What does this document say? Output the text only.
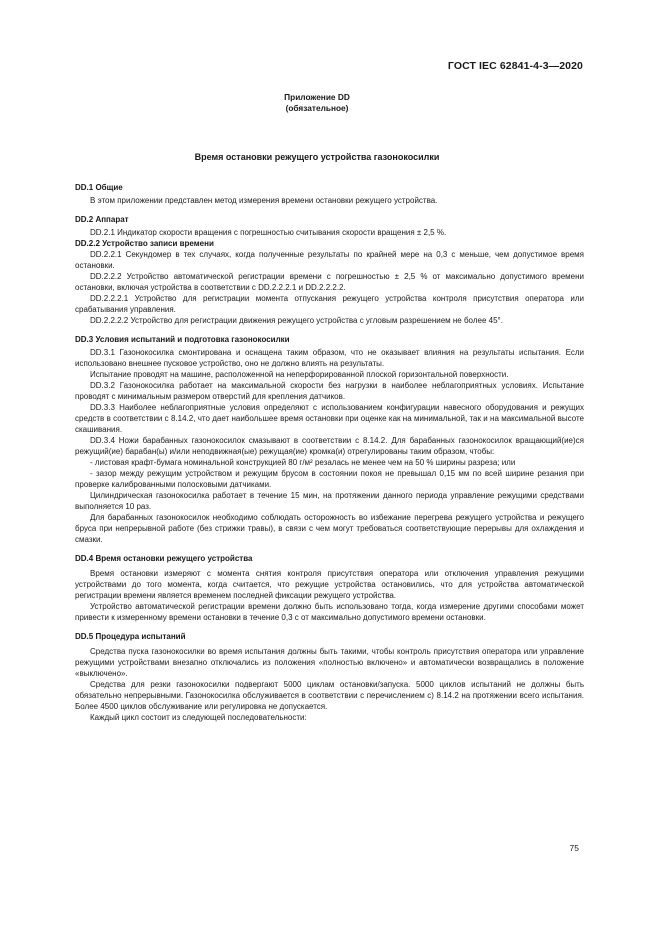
ГОСТ IEC 62841-4-3—2020
Приложение DD
(обязательное)
Время остановки режущего устройства газонокосилки
DD.1 Общие

В этом приложении представлен метод измерения времени остановки режущего устройства.

DD.2 Аппарат

DD.2.1 Индикатор скорости вращения с погрешностью считывания скорости вращения ± 2,5 %.

DD.2.2 Устройство записи времени

DD.2.2.1 Секундомер в тех случаях, когда полученные результаты по крайней мере на 0,3 с меньше, чем допустимое время остановки.

DD.2.2.2 Устройство автоматической регистрации времени с погрешностью ± 2,5 % от максимально допустимого времени остановки, включая устройства в соответствии с DD.2.2.2.1 и DD.2.2.2.2.

DD.2.2.2.1 Устройство для регистрации момента отпускания режущего устройства контроля присутствия оператора или срабатывания управления.

DD.2.2.2.2 Устройство для регистрации движения режущего устройства с угловым разрешением не более 45°.

DD.3 Условия испытаний и подготовка газонокосилки

DD.3.1 Газонокосилка смонтирована и оснащена таким образом, что не оказывает влияния на результаты испытания. Если использовано внешнее пусковое устройство, оно не должно влиять на результаты.

Испытание проводят на машине, расположенной на неперфорированной плоской горизонтальной поверхности.

DD.3.2 Газонокосилка работает на максимальной скорости без нагрузки в наиболее неблагоприятных условиях. Испытание проводят с минимальным размером отверстий для крепления датчиков.

DD.3.3 Наиболее неблагоприятные условия определяют с использованием конфигурации навесного оборудования и режущих средств в соответствии с 8.14.2, что дает наибольшее время остановки при оценке как на минимальной, так и на максимальной высоте скашивания.

DD.3.4 Ножи барабанных газонокосилок смазывают в соответствии с 8.14.2. Для барабанных газонокосилок вращающий(ие)ся режущий(ие) барабан(ы) и/или неподвижная(ые) режущая(ие) кромка(и) отрегулированы таким образом, чтобы:

- листовая крафт-бумага номинальной конструкцией 80 г/м² резалась не менее чем на 50 % ширины разреза; или

- зазор между режущим устройством и режущим брусом в состоянии покоя не превышал 0,15 мм по всей ширине резания при проверке калиброванными полосковыми датчиками.

Цилиндрическая газонокосилка работает в течение 15 мин, на протяжении данного периода управление режущими средствами выполняется 10 раз.

Для барабанных газонокосилок необходимо соблюдать осторожность во избежание перегрева режущего устройства и режущего бруса при непрерывной работе (без стрижки травы), в связи с чем могут требоваться соответствующие перерывы для охлаждения и смазки.

DD.4 Время остановки режущего устройства

Время остановки измеряют с момента снятия контроля присутствия оператора или отключения управления режущими устройствами до того момента, когда считается, что режущие устройства остановились, что для устройства автоматической регистрации времени является временем последней фиксации режущего устройства.

Устройство автоматической регистрации времени должно быть использовано тогда, когда измерение другими способами может привести к измеренному времени остановки в течение 0,3 с от максимально допустимого времени остановки.

DD.5 Процедура испытаний

Средства пуска газонокосилки во время испытания должны быть такими, чтобы контроль присутствия оператора или управление режущими устройствами внезапно отключались из положения «полностью включено» и автоматически возвращались в положение «выключено».

Средства для резки газонокосилки подвергают 5000 циклам остановки/запуска. 5000 циклов испытаний не должны быть обязательно непрерывными. Газонокосилка обслуживается в соответствии с перечислением c) 8.14.2 на протяжении всего испытания. Более 4500 циклов обслуживание или регулировка не допускается.

Каждый цикл состоит из следующей последовательности:

75
